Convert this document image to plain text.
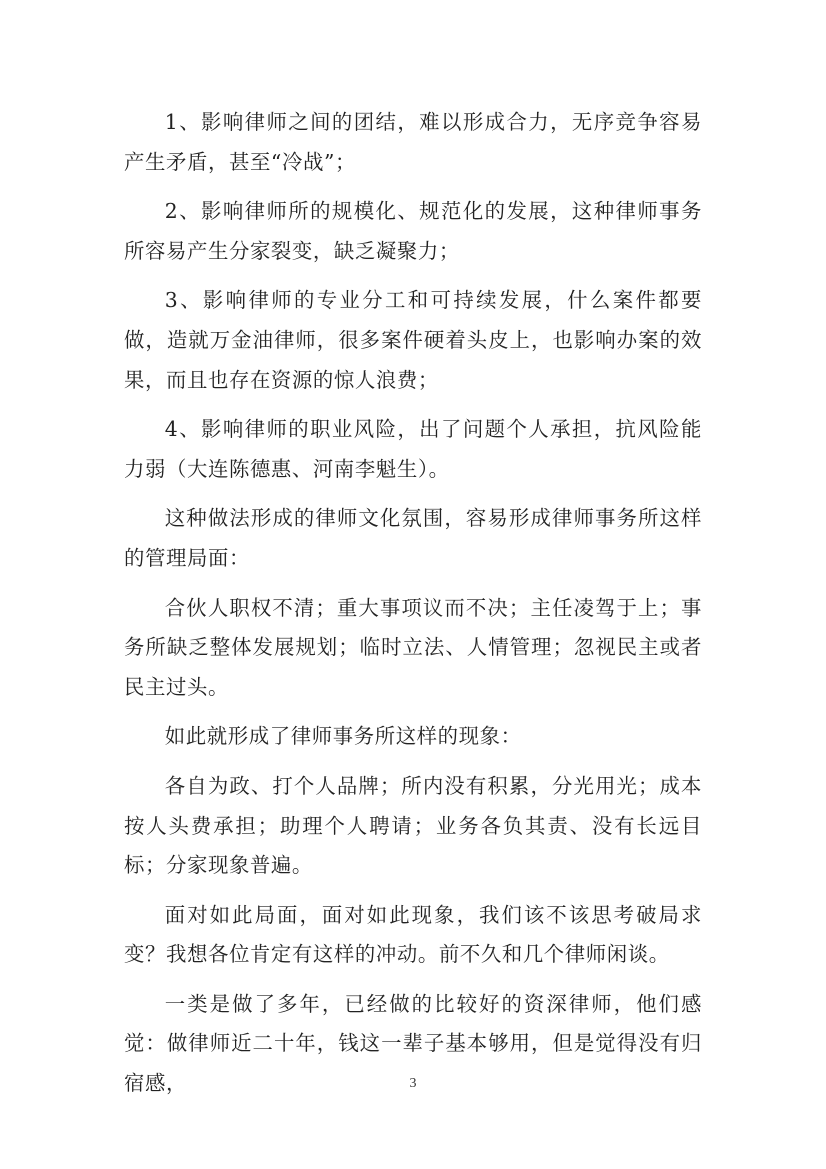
1、影响律师之间的团结，难以形成合力，无序竞争容易产生矛盾，甚至“冷战”；

2、影响律师所的规模化、规范化的发展，这种律师事务所容易产生分家裂变，缺乏凝聚力；

3、影响律师的专业分工和可持续发展，什么案件都要做，造就万金油律师，很多案件硬着头皮上，也影响办案的效果，而且也存在资源的惊人浪费；

4、影响律师的职业风险，出了问题个人承担，抗风险能力弱（大连陈德惠、河南李魁生）。

这种做法形成的律师文化氛围，容易形成律师事务所这样的管理局面：

合伙人职权不清；重大事项议而不决；主任凌驾于上；事务所缺乏整体发展规划；临时立法、人情管理；忽视民主或者民主过头。

如此就形成了律师事务所这样的现象：

各自为政、打个人品牌；所内没有积累，分光用光；成本按人头费承担；助理个人聘请；业务各负其责、没有长远目标；分家现象普遍。

面对如此局面，面对如此现象，我们该不该思考破局求变？我想各位肯定有这样的冲动。前不久和几个律师闲谈。

一类是做了多年，已经做的比较好的资深律师，他们感觉：做律师近二十年，钱这一辈子基本够用，但是觉得没有归宿感，	3
